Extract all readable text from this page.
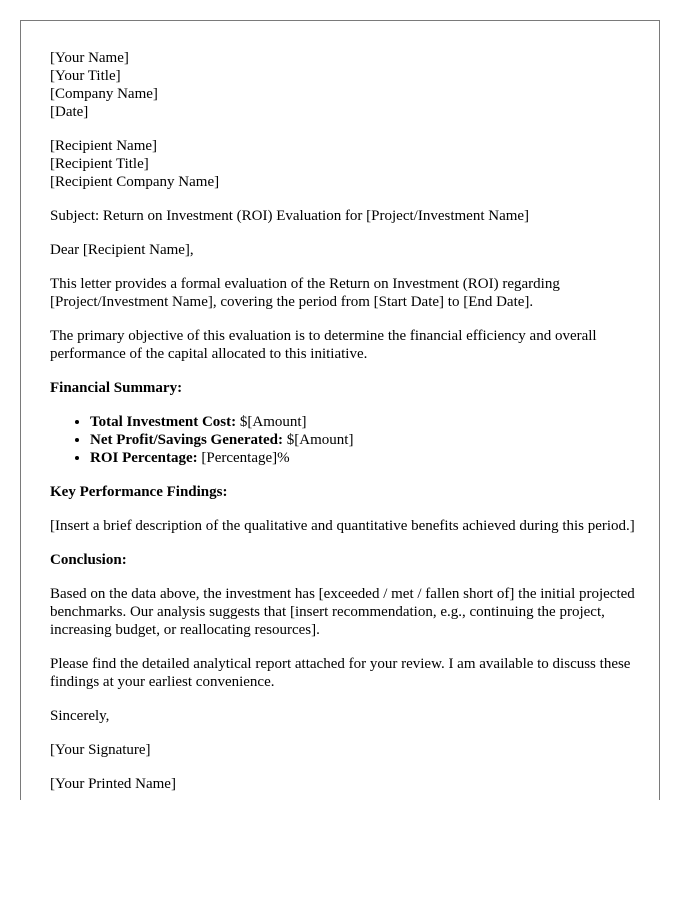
[Your Name]
[Your Title]
[Company Name]
[Date]
[Recipient Name]
[Recipient Title]
[Recipient Company Name]

Subject: Return on Investment (ROI) Evaluation for [Project/Investment Name]

Dear [Recipient Name],

This letter provides a formal evaluation of the Return on Investment (ROI) regarding [Project/Investment Name], covering the period from [Start Date] to [End Date].

The primary objective of this evaluation is to determine the financial efficiency and overall performance of the capital allocated to this initiative.

Financial Summary:
• Total Investment Cost: $[Amount]
• Net Profit/Savings Generated: $[Amount]
• ROI Percentage: [Percentage]%
Key Performance Findings:

[Insert a brief description of the qualitative and quantitative benefits achieved during this period.]

Conclusion:

Based on the data above, the investment has [exceeded / met / fallen short of] the initial projected benchmarks. Our analysis suggests that [insert recommendation, e.g., continuing the project, increasing budget, or reallocating resources].

Please find the detailed analytical report attached for your review. I am available to discuss these findings at your earliest convenience.

Sincerely,

[Your Signature]

[Your Printed Name]
